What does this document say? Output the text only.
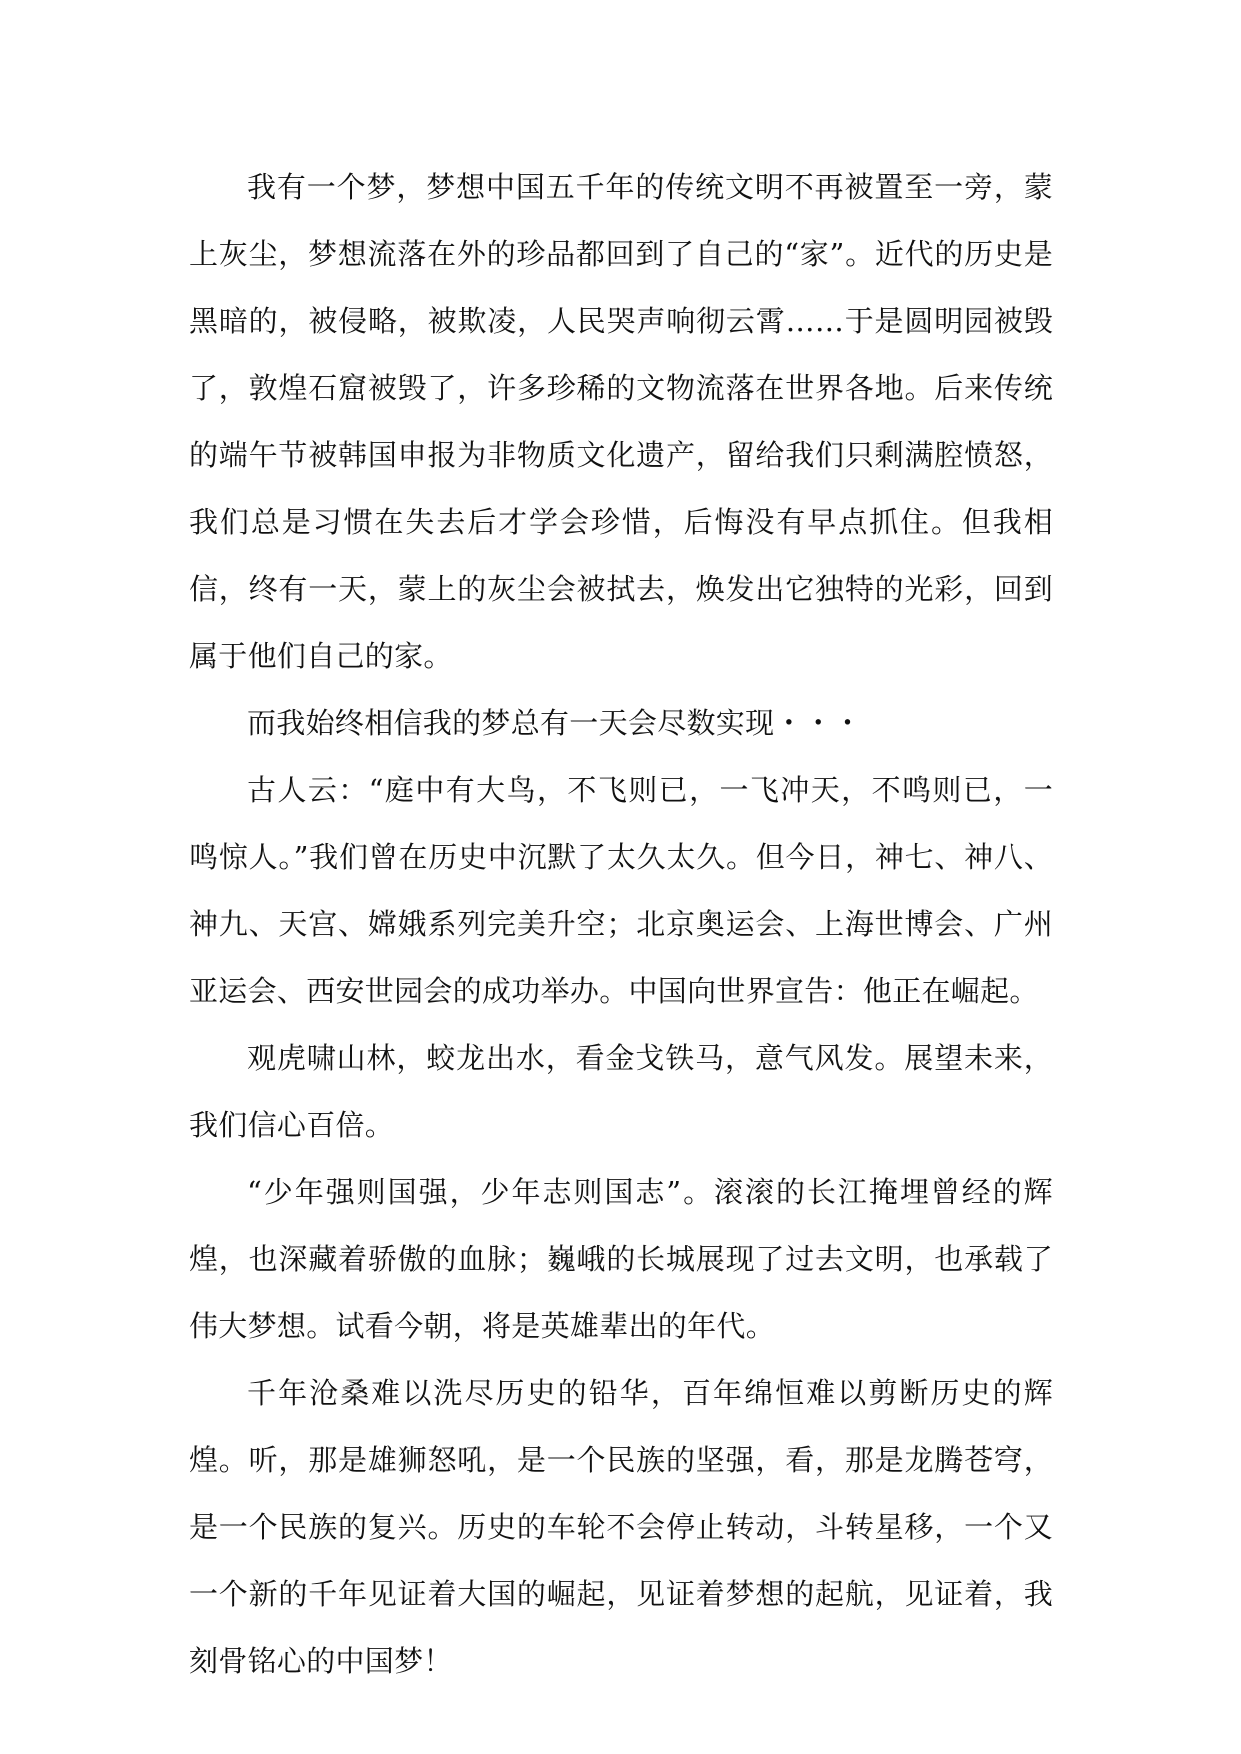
我有一个梦，梦想中国五千年的传统文明不再被置至一旁，蒙上灰尘，梦想流落在外的珍品都回到了自己的“家”。近代的历史是黑暗的，被侵略，被欺凌，人民哭声响彻云霄……于是圆明园被毁了，敦煌石窟被毁了，许多珍稀的文物流落在世界各地。后来传统的端午节被韩国申报为非物质文化遗产，留给我们只剩满腔愤怒，我们总是习惯在失去后才学会珍惜，后悔没有早点抓住。但我相信，终有一天，蒙上的灰尘会被拭去，焕发出它独特的光彩，回到属于他们自己的家。

而我始终相信我的梦总有一天会尽数实现・・・

古人云：“庭中有大鸟，不飞则已，一飞冲天，不鸣则已，一鸣惊人。”我们曾在历史中沉默了太久太久。但今日，神七、神八、神九、天宫、嫦娥系列完美升空；北京奥运会、上海世博会、广州亚运会、西安世园会的成功举办。中国向世界宣告：他正在崛起。

观虎啸山林，蛟龙出水，看金戈铁马，意气风发。展望未来，我们信心百倍。

“少年强则国强，少年志则国志”。滚滚的长江掩埋曾经的辉煌，也深藏着骄傲的血脉；巍峨的长城展现了过去文明，也承载了伟大梦想。试看今朝，将是英雄辈出的年代。

千年沧桑难以洗尽历史的铅华，百年绵恒难以剪断历史的辉煌。听，那是雄狮怒吼，是一个民族的坚强，看，那是龙腾苍穹，是一个民族的复兴。历史的车轮不会停止转动，斗转星移，一个又一个新的千年见证着大国的崛起，见证着梦想的起航，见证着，我刻骨铭心的中国梦！
